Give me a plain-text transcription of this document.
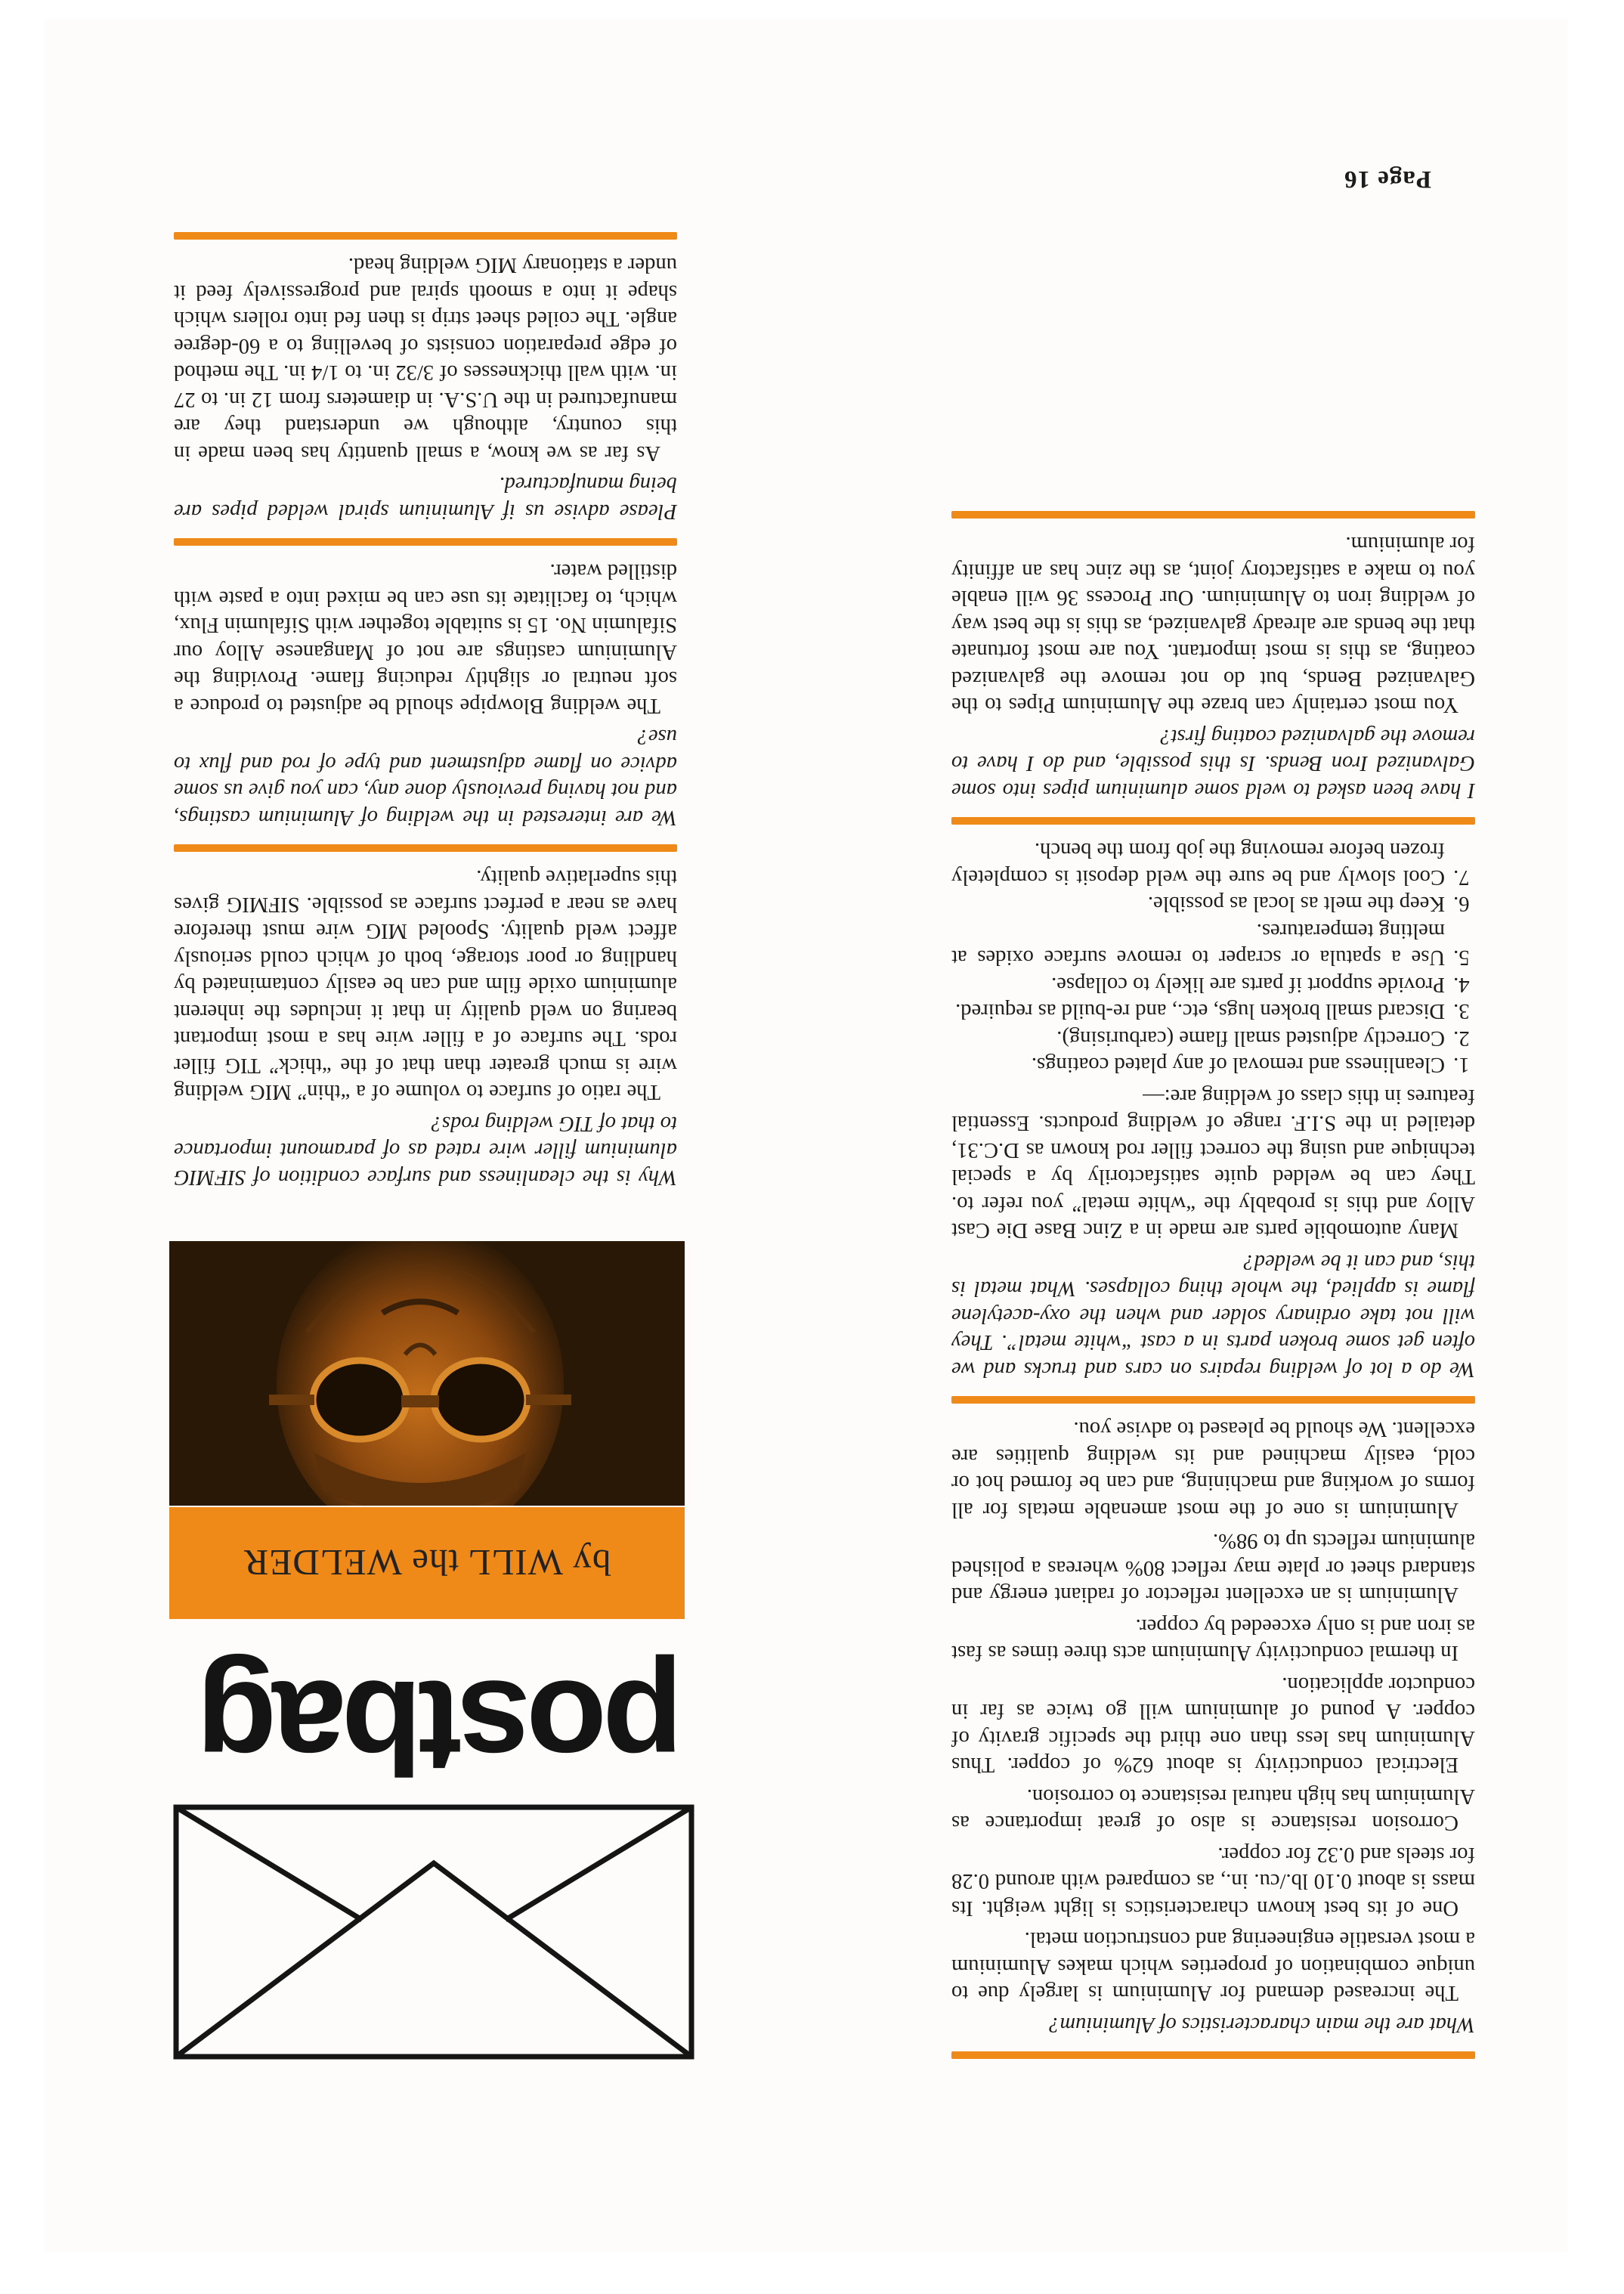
Page 16

postbag
by WILL the WELDER

Why is the cleanliness and surface condition of SIFMIG aluminium filler wire rated as of paramount importance to that of TIG welding rods?

The ratio of surface to volume of a “thin” MIG welding wire is much greater than that of the “thick” TIG filler rods. The surface of a filler wire has a most important bearing on weld quality in that it includes the inherent aluminium oxide film and can be easily contaminated by handling or poor storage, both of which could seriously affect weld quality. Spooled MIG wire must therefore have as near a perfect surface as possible. SIFMIG gives this superlative quality.

We are interested in the welding of Aluminium castings, and not having previously done any, can you give us some advice on flame adjustment and type of rod and flux to use?

The welding Blowpipe should be adjusted to produce a soft neutral or slightly reducing flame. Providing the Aluminium castings are not of Manganese Alloy our Sifalumin No. 15 is suitable together with Sifalumin Flux, which, to facilitate its use can be mixed into a paste with distilled water.

Please advise us if Aluminium spiral welded pipes are being manufactured.

As far as we know, a small quantity has been made in this country, although we understand they are manufactured in the U.S.A. in diameters from 12 in. to 27 in. with wall thicknesses of 3/32 in. to 1/4 in. The method of edge preparation consists of bevelling to a 60-degree angle. The coiled sheet strip is then fed into rollers which shape it into a smooth spiral and progressively feed it under a stationary MIG welding head.

What are the main characteristics of Aluminium?

The increased demand for Aluminium is largely due to unique combination of properties which makes Aluminium a most versatile engineering and construction metal.

One of its best known characteristics is light weight. Its mass is about 0.10 lb./cu. in., as compared with around 0.28 for steels and 0.32 for copper.

Corrosion resistance is also of great importance as Aluminium has high natural resistance to corrosion.

Electrical conductivity is about 62% of copper. Thus Aluminium has less than one third the specific gravity of copper. A pound of aluminium will go twice as far in conductor application.

In thermal conductivity Aluminium acts three times as fast as iron and is only exceeded by copper.

Aluminium is an excellent reflector of radiant energy and standard sheet or plate may reflect 80% whereas a polished aluminium reflects up to 98%.

Aluminium is one of the most amenable metals for all forms of working and machining, and can be formed hot or cold, easily machined and its welding qualities are excellent. We should be pleased to advise you.

We do a lot of welding repairs on cars and trucks and we often get some broken parts in a cast “white metal”. They will not take ordinary solder and when the oxy-acetylene flame is applied, the whole thing collapses. What metal is this, and can it be welded?

Many automobile parts are made in a Zinc Base Die Cast Alloy and this is probably the “white metal” you refer to. They can be welded quite satisfactorily by a special technique and using the correct filler rod known as D.C.31, detailed in the S.I.F. range of welding products. Essential features in this class of welding are:—

1. Cleanliness and removal of any plated coatings.
2. Correctly adjusted small flame (carburising).
3. Discard small broken lugs, etc., and re-build as required.
4. Provide support if parts are likely to collapse.
5. Use a spatula or scraper to remove surface oxides at melting temperatures.
6. Keep the melt as local as possible.
7. Cool slowly and be sure the weld deposit is completely frozen before removing the job from the bench.

I have been asked to weld some aluminium pipes into some Galvanized Iron Bends. Is this possible, and do I have to remove the galvanized coating first?

You most certainly can braze the Aluminium Pipes to the Galvanized Bends, but do not remove the galvanized coating, as this is most important. You are most fortunate that the bends are already galvanized, as this is the best way of welding iron to Aluminium. Our Process 36 will enable you to make a satisfactory joint, as the zinc has an affinity for aluminium.
